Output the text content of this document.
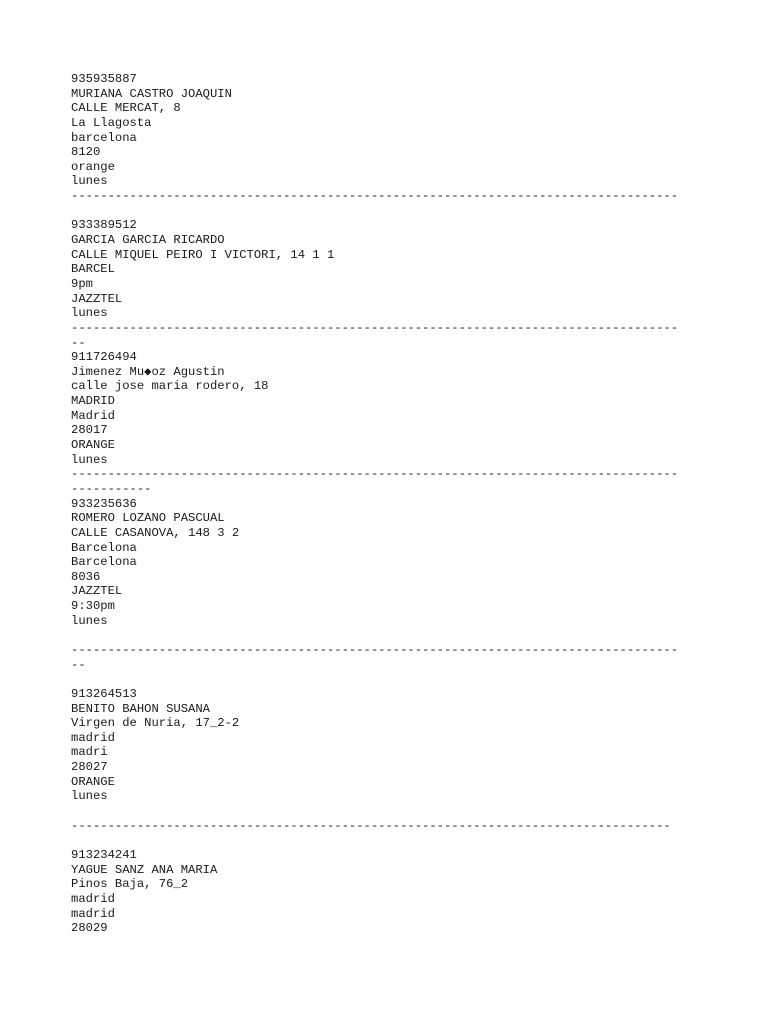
935935887
MURIANA CASTRO JOAQUIN
CALLE MERCAT, 8
La Llagosta
barcelona
8120
orange
lunes
-----------------------------------------------------------------------------------

933389512
GARCIA GARCIA RICARDO
CALLE MIQUEL PEIRO I VICTORI, 14 1 1
BARCEL
9pm
JAZZTEL
lunes
-----------------------------------------------------------------------------------
--
911726494
Jimenez Mu◆oz Agustin
calle jose maria rodero, 18
MADRID
Madrid
28017
ORANGE
lunes
-----------------------------------------------------------------------------------
-----------
933235636
ROMERO LOZANO PASCUAL
CALLE CASANOVA, 148 3 2
Barcelona
Barcelona
8036
JAZZTEL
9:30pm
lunes

-----------------------------------------------------------------------------------
--

913264513
BENITO BAHON SUSANA
Virgen de Nuria, 17_2-2
madrid
madri
28027
ORANGE
lunes

----------------------------------------------------------------------------------

913234241
YAGUE SANZ ANA MARIA
Pinos Baja, 76_2
madrid
madrid
28029
